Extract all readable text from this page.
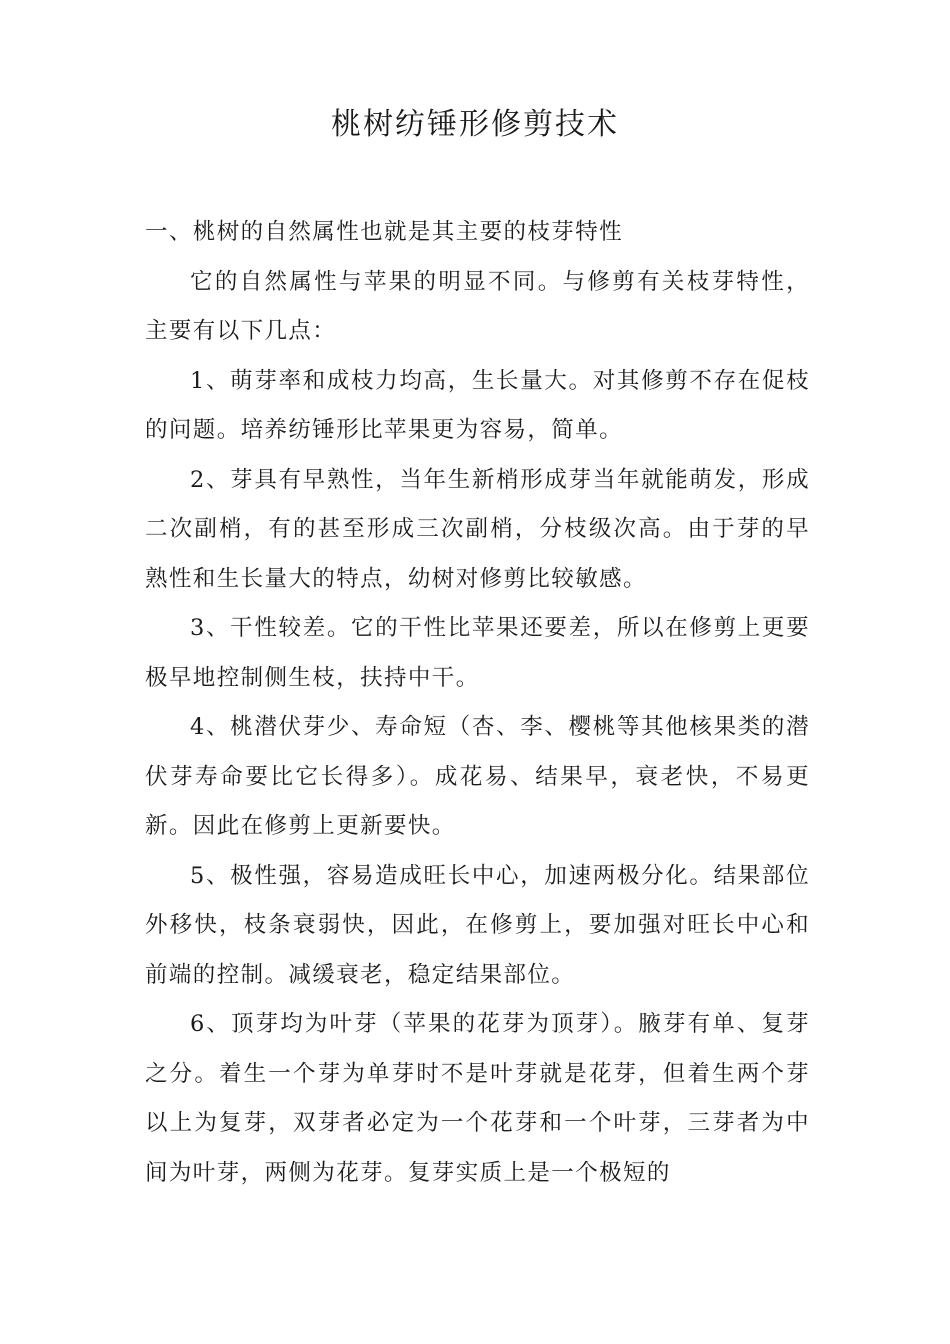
桃树纺锤形修剪技术

一、桃树的自然属性也就是其主要的枝芽特性

它的自然属性与苹果的明显不同。与修剪有关枝芽特性，主要有以下几点：

1、萌芽率和成枝力均高，生长量大。对其修剪不存在促枝的问题。培养纺锤形比苹果更为容易，简单。

2、芽具有早熟性，当年生新梢形成芽当年就能萌发，形成二次副梢，有的甚至形成三次副梢，分枝级次高。由于芽的早熟性和生长量大的特点，幼树对修剪比较敏感。

3、干性较差。它的干性比苹果还要差，所以在修剪上更要极早地控制侧生枝，扶持中干。

4、桃潜伏芽少、寿命短（杏、李、樱桃等其他核果类的潜伏芽寿命要比它长得多）。成花易、结果早，衰老快，不易更新。因此在修剪上更新要快。

5、极性强，容易造成旺长中心，加速两极分化。结果部位外移快，枝条衰弱快，因此，在修剪上，要加强对旺长中心和前端的控制。减缓衰老，稳定结果部位。

6、顶芽均为叶芽（苹果的花芽为顶芽）。腋芽有单、复芽之分。着生一个芽为单芽时不是叶芽就是花芽，但着生两个芽以上为复芽，双芽者必定为一个花芽和一个叶芽，三芽者为中间为叶芽，两侧为花芽。复芽实质上是一个极短的
